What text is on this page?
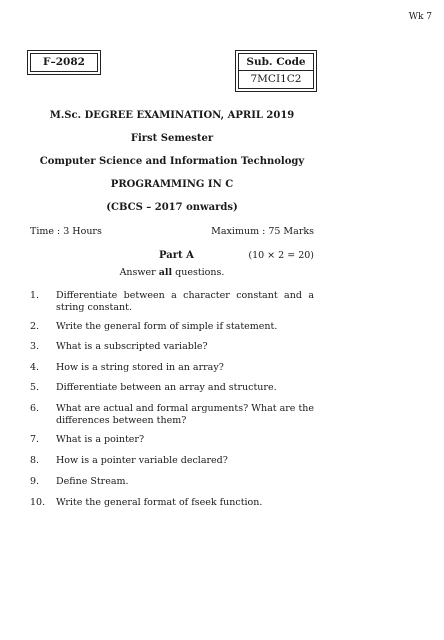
Wk 7
F–2082	Sub. Code
7MCI1C2
M.Sc. DEGREE EXAMINATION, APRIL 2019
First Semester
Computer Science and Information Technology
PROGRAMMING IN C
(CBCS – 2017 onwards)
Time : 3 Hours	Maximum : 75 Marks
Part A	(10 × 2 = 20)
Answer all questions.
1.	Differentiate between a character constant and a string constant.
2.	Write the general form of simple if statement.
3.	What is a subscripted variable?
4.	How is a string stored in an array?
5.	Differentiate between an array and structure.
6.	What are actual and formal arguments? What are the differences between them?
7.	What is a pointer?
8.	How is a pointer variable declared?
9.	Define Stream.
10.	Write the general format of fseek function.
